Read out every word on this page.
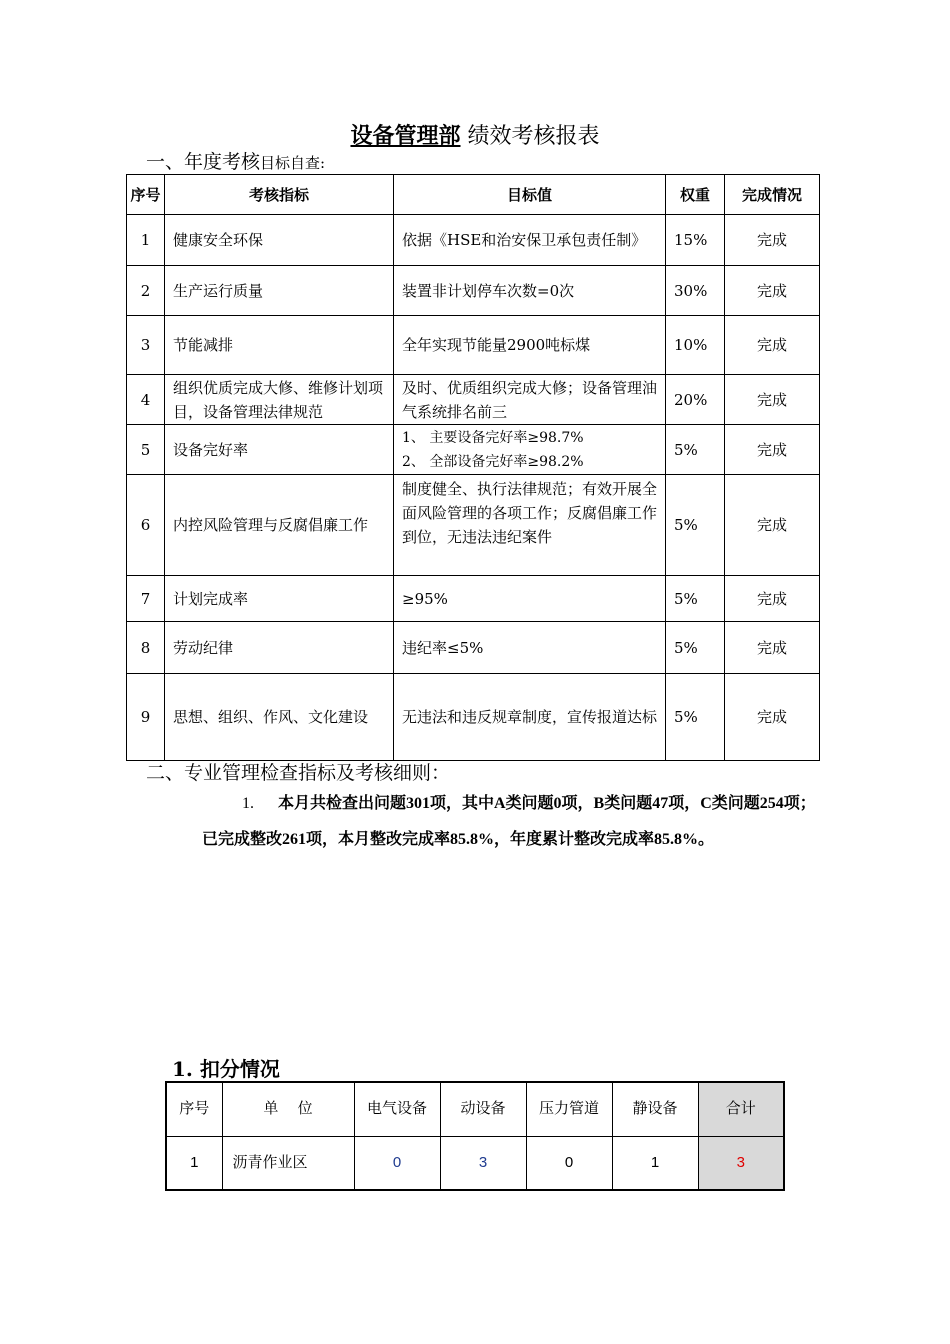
设备管理部 绩效考核报表
一、年度考核目标自查:
序号	考核指标	目标值	权重	完成情况
1	健康安全环保	依据《HSE和治安保卫承包责任制》	15%	完成
2	生产运行质量	装置非计划停车次数=0次	30%	完成
3	节能减排	全年实现节能量2900吨标煤	10%	完成
4	组织优质完成大修、维修计划项目，设备管理法律规范	及时、优质组织完成大修；设备管理油气系统排名前三	20%	完成
5	设备完好率	1、 主要设备完好率≥98.7%
2、 全部设备完好率≥98.2%	5%	完成
6	内控风险管理与反腐倡廉工作	制度健全、执行法律规范；有效开展全面风险管理的各项工作；反腐倡廉工作到位，无违法违纪案件	5%	完成
7	计划完成率	≥95%	5%	完成
8	劳动纪律	违纪率≤5%	5%	完成
9	思想、组织、作风、文化建设	无违法和违反规章制度，宣传报道达标	5%	完成
二、专业管理检查指标及考核细则：
1. 本月共检查出问题301项，其中A类问题0项，B类问题47项，C类问题254项；已完成整改261项，本月整改完成率85.8%，年度累计整改完成率85.8%。
1. 扣分情况
序号	单　 位	电气设备	动设备	压力管道	静设备	合计
1	沥青作业区	0	3	0	1	3
